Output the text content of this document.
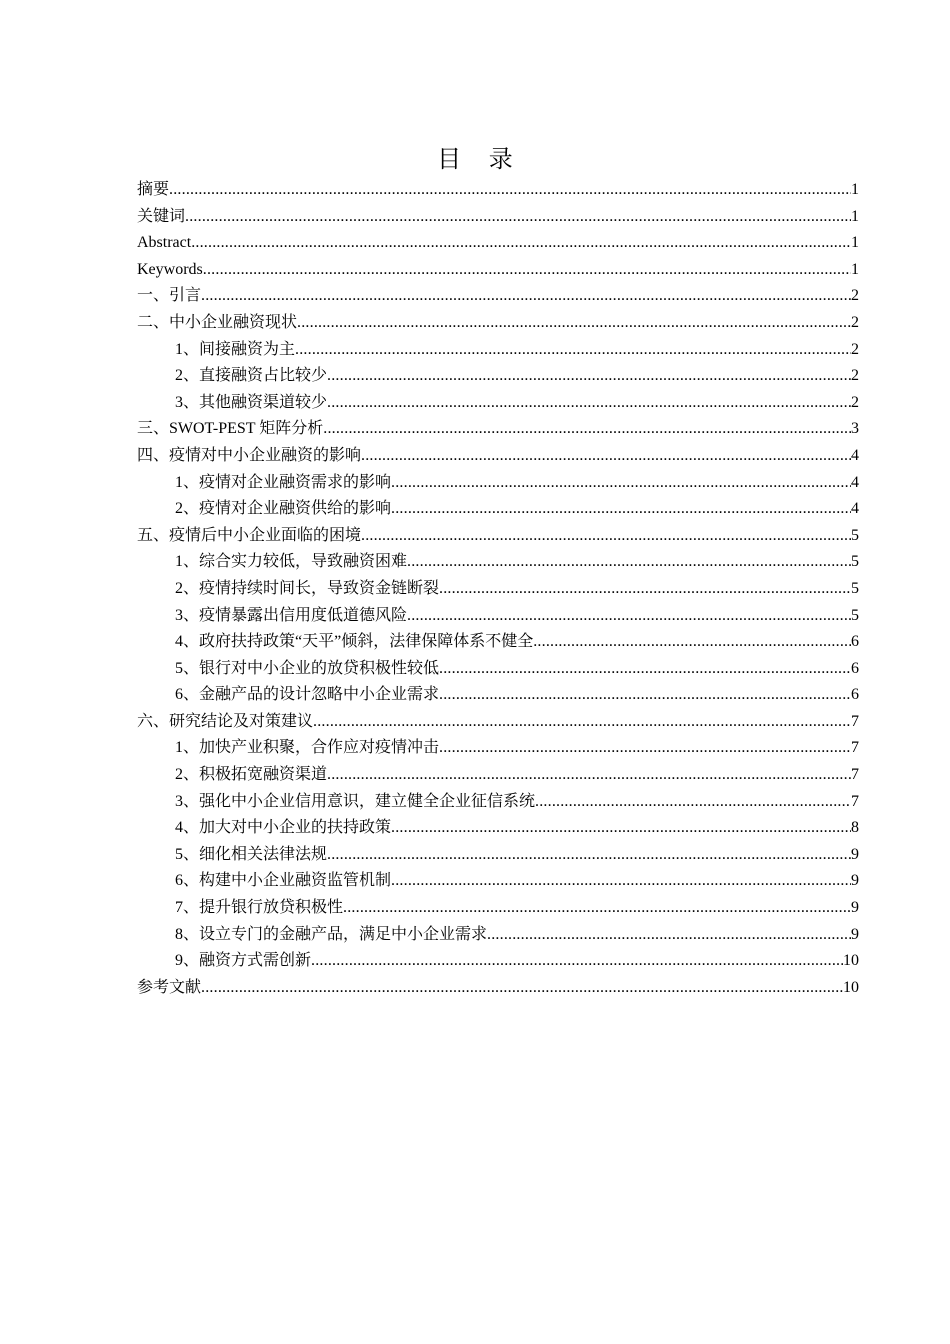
目 录
摘要 .....	1
关键词 .....	1
Abstract .....	1
Keywords .....	1
一、引言 .....	2
二、中小企业融资现状 .....	2
1、间接融资为主 .....	2
2、直接融资占比较少 .....	2
3、其他融资渠道较少 .....	2
三、SWOT-PEST 矩阵分析 .....	3
四、疫情对中小企业融资的影响 .....	4
1、疫情对企业融资需求的影响 .....	4
2、疫情对企业融资供给的影响 .....	4
五、疫情后中小企业面临的困境 .....	5
1、综合实力较低，导致融资困难 .....	5
2、疫情持续时间长，导致资金链断裂 .....	5
3、疫情暴露出信用度低道德风险 .....	5
4、政府扶持政策“天平”倾斜，法律保障体系不健全 .....	6
5、银行对中小企业的放贷积极性较低 .....	6
6、金融产品的设计忽略中小企业需求 .....	6
六、研究结论及对策建议 .....	7
1、加快产业积聚，合作应对疫情冲击 .....	7
2、积极拓宽融资渠道 .....	7
3、强化中小企业信用意识，建立健全企业征信系统 .....	7
4、加大对中小企业的扶持政策 .....	8
5、细化相关法律法规 .....	9
6、构建中小企业融资监管机制 .....	9
7、提升银行放贷积极性 .....	9
8、设立专门的金融产品，满足中小企业需求 .....	9
9、融资方式需创新 .....	10
参考文献 .....	10
